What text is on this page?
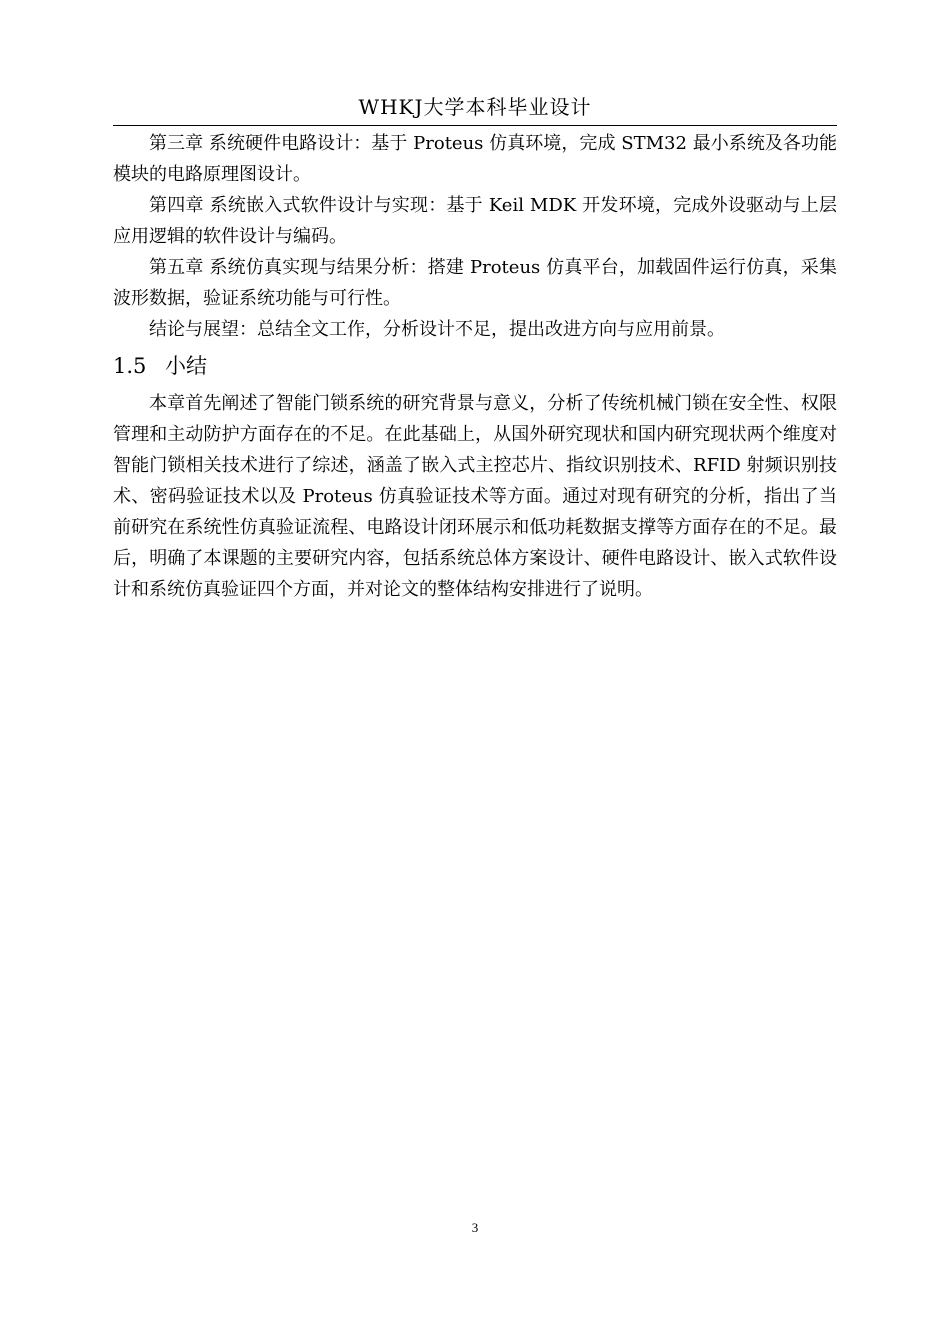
WHKJ大学本科毕业设计

第三章 系统硬件电路设计：基于 Proteus 仿真环境，完成 STM32 最小系统及各功能模块的电路原理图设计。

第四章 系统嵌入式软件设计与实现：基于 Keil MDK 开发环境，完成外设驱动与上层应用逻辑的软件设计与编码。

第五章 系统仿真实现与结果分析：搭建 Proteus 仿真平台，加载固件运行仿真，采集波形数据，验证系统功能与可行性。

结论与展望：总结全文工作，分析设计不足，提出改进方向与应用前景。

1.5 小结

本章首先阐述了智能门锁系统的研究背景与意义，分析了传统机械门锁在安全性、权限管理和主动防护方面存在的不足。在此基础上，从国外研究现状和国内研究现状两个维度对智能门锁相关技术进行了综述，涵盖了嵌入式主控芯片、指纹识别技术、RFID 射频识别技术、密码验证技术以及 Proteus 仿真验证技术等方面。通过对现有研究的分析，指出了当前研究在系统性仿真验证流程、电路设计闭环展示和低功耗数据支撑等方面存在的不足。最后，明确了本课题的主要研究内容，包括系统总体方案设计、硬件电路设计、嵌入式软件设计和系统仿真验证四个方面，并对论文的整体结构安排进行了说明。

3
